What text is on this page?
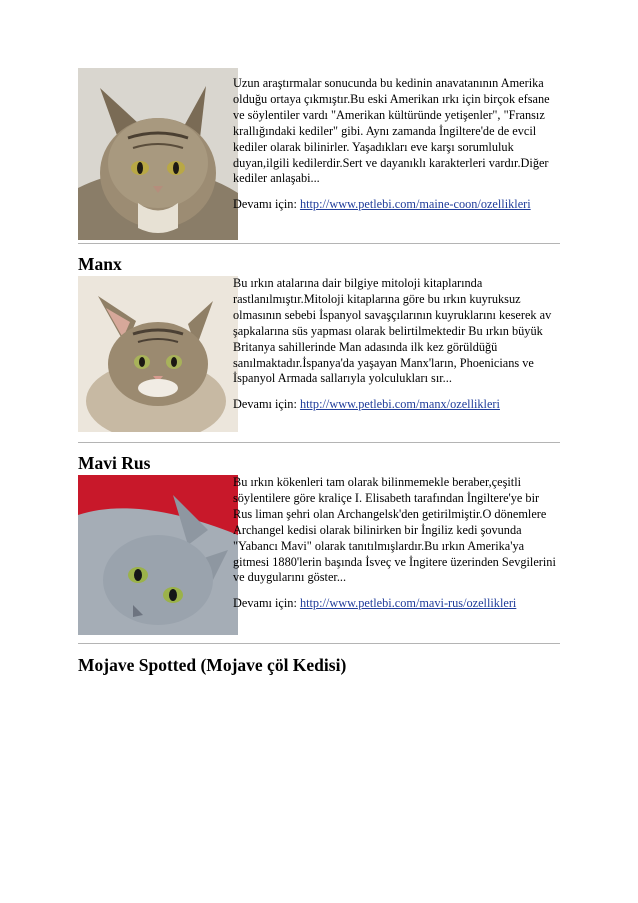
Uzun araştırmalar sonucunda bu kedinin anavatanının Amerika olduğu ortaya çıkmıştır.Bu eski Amerikan ırkı için birçok efsane ve söylentiler vardı "Amerikan kültüründe yetişenler", "Fransız krallığındaki kediler" gibi. Aynı zamanda İngiltere'de de evcil kediler olarak bilinirler. Yaşadıkları eve karşı sorumluluk duyan,ilgili kedilerdir.Sert ve dayanıklı karakterleri vardır.Diğer kediler anlaşabi...
Devamı için: http://www.petlebi.com/maine-coon/ozellikleri
Manx
Bu ırkın atalarına dair bilgiye mitoloji kitaplarında rastlanılmıştır.Mitoloji kitaplarına göre bu ırkın kuyruksuz olmasının sebebi İspanyol savaşçılarının kuyruklarını keserek av şapkalarına süs yapması olarak belirtilmektedir Bu ırkın büyük Britanya sahillerinde Man adasında ilk kez görüldüğü sanılmaktadır.İspanya'da yaşayan Manx'ların, Phoenicians ve İspanyol Armada sallarıyla yolculukları sır...
Devamı için: http://www.petlebi.com/manx/ozellikleri
Mavi Rus
Bu ırkın kökenleri tam olarak bilinmemekle beraber,çeşitli söylentilere göre kraliçe I. Elisabeth tarafından İngiltere'ye bir Rus liman şehri olan Archangelsk'den getirilmiştir.O dönemlere Archangel kedisi olarak bilinirken bir İngiliz kedi şovunda "Yabancı Mavi" olarak tanıtılmışlardır.Bu ırkın Amerika'ya gitmesi 1880'lerin başında İsveç ve İngitere üzerinden Sevgilerini ve duygularını göster...
Devamı için: http://www.petlebi.com/mavi-rus/ozellikleri
Mojave Spotted (Mojave çöl Kedisi)
